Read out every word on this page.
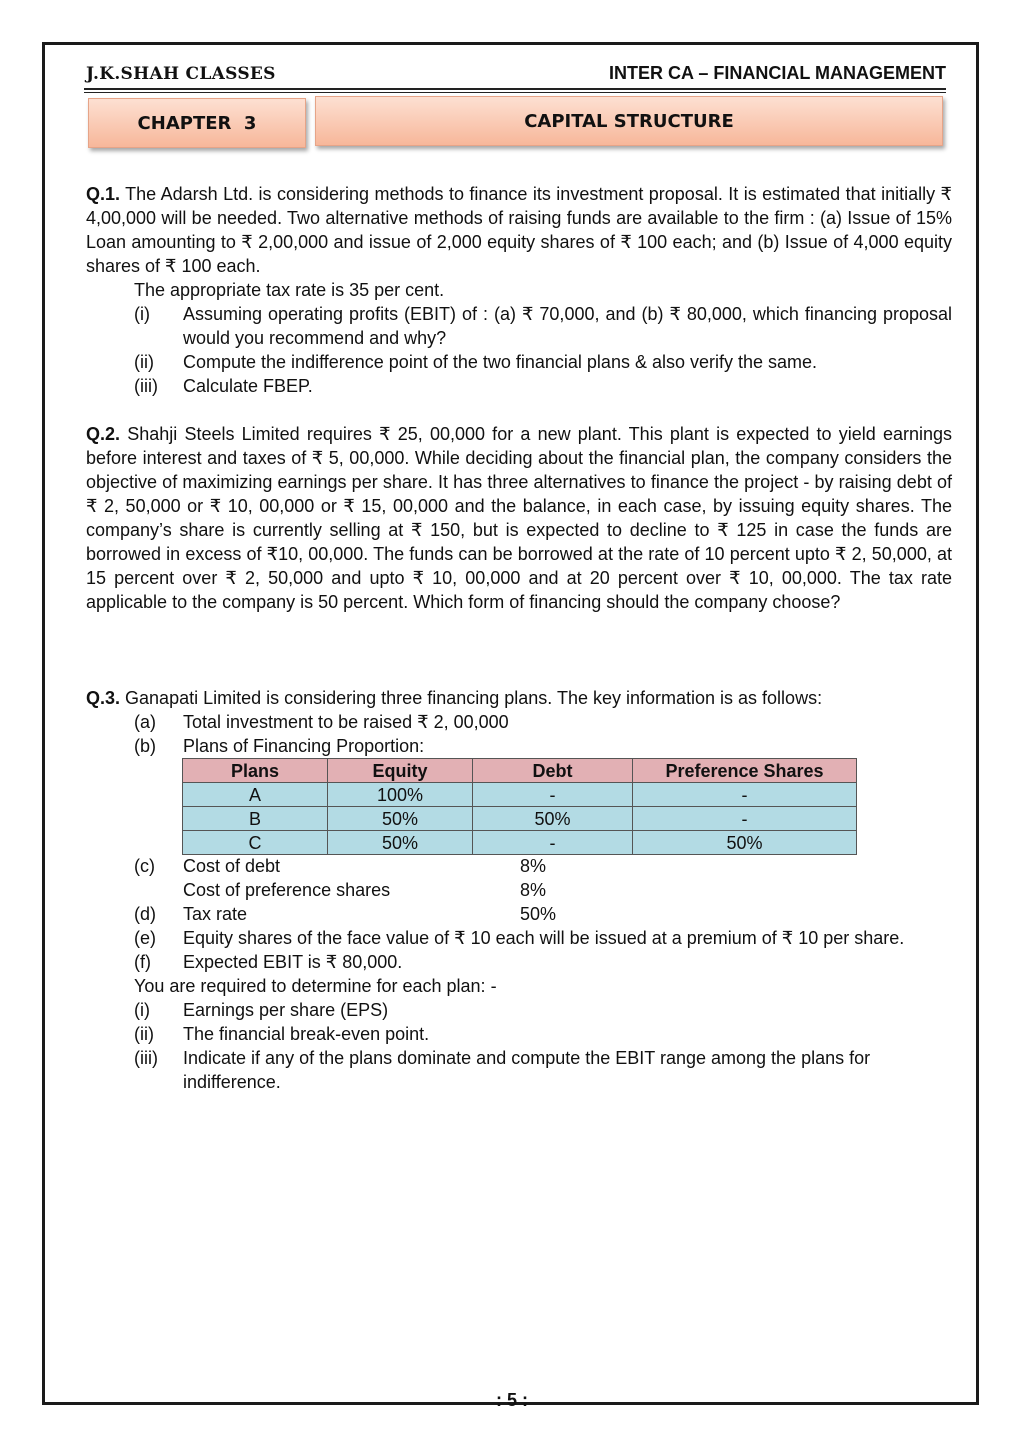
J.K.SHAH CLASSES	INTER CA – FINANCIAL MANAGEMENT
CHAPTER  3	CAPITAL STRUCTURE
Q.1. The Adarsh Ltd. is considering methods to finance its investment proposal. It is estimated that initially ₹ 4,00,000 will be needed. Two alternative methods of raising funds are available to the firm : (a) Issue of 15% Loan amounting to ₹ 2,00,000 and issue of 2,000 equity shares of ₹ 100 each; and (b) Issue of 4,000 equity shares of ₹ 100 each.
The appropriate tax rate is 35 per cent.
(i)	Assuming operating profits (EBIT) of : (a) ₹ 70,000, and (b) ₹ 80,000, which financing proposal would you recommend and why?
(ii)	Compute the indifference point of the two financial plans & also verify the same.
(iii)	Calculate FBEP.
Q.2. Shahji Steels Limited requires ₹ 25, 00,000 for a new plant. This plant is expected to yield earnings before interest and taxes of ₹ 5, 00,000. While deciding about the financial plan, the company considers the objective of maximizing earnings per share. It has three alternatives to finance the project - by raising debt of ₹ 2, 50,000 or ₹ 10, 00,000 or ₹ 15, 00,000 and the balance, in each case, by issuing equity shares. The company’s share is currently selling at ₹ 150, but is expected to decline to ₹ 125 in case the funds are borrowed in excess of ₹10, 00,000. The funds can be borrowed at the rate of 10 percent upto ₹ 2, 50,000, at 15 percent over ₹ 2, 50,000 and upto ₹ 10, 00,000 and at 20 percent over ₹ 10, 00,000. The tax rate applicable to the company is 50 percent. Which form of financing should the company choose?
Q.3. Ganapati Limited is considering three financing plans. The key information is as follows:
(a)	Total investment to be raised ₹ 2, 00,000
(b)	Plans of Financing Proportion:
(c)	Cost of debt	8%
Cost of preference shares	8%
(d)	Tax rate	50%
(e)	Equity shares of the face value of ₹ 10 each will be issued at a premium of ₹ 10 per share.
(f)	Expected EBIT is ₹ 80,000.
You are required to determine for each plan: -
(i)	Earnings per share (EPS)
(ii)	The financial break-even point.
(iii)	Indicate if any of the plans dominate and compute the EBIT range among the plans for indifference.
Plans	Equity	Debt	Preference Shares
A	100%	-	-
B	50%	50%	-
C	50%	-	50%
: 5 :
